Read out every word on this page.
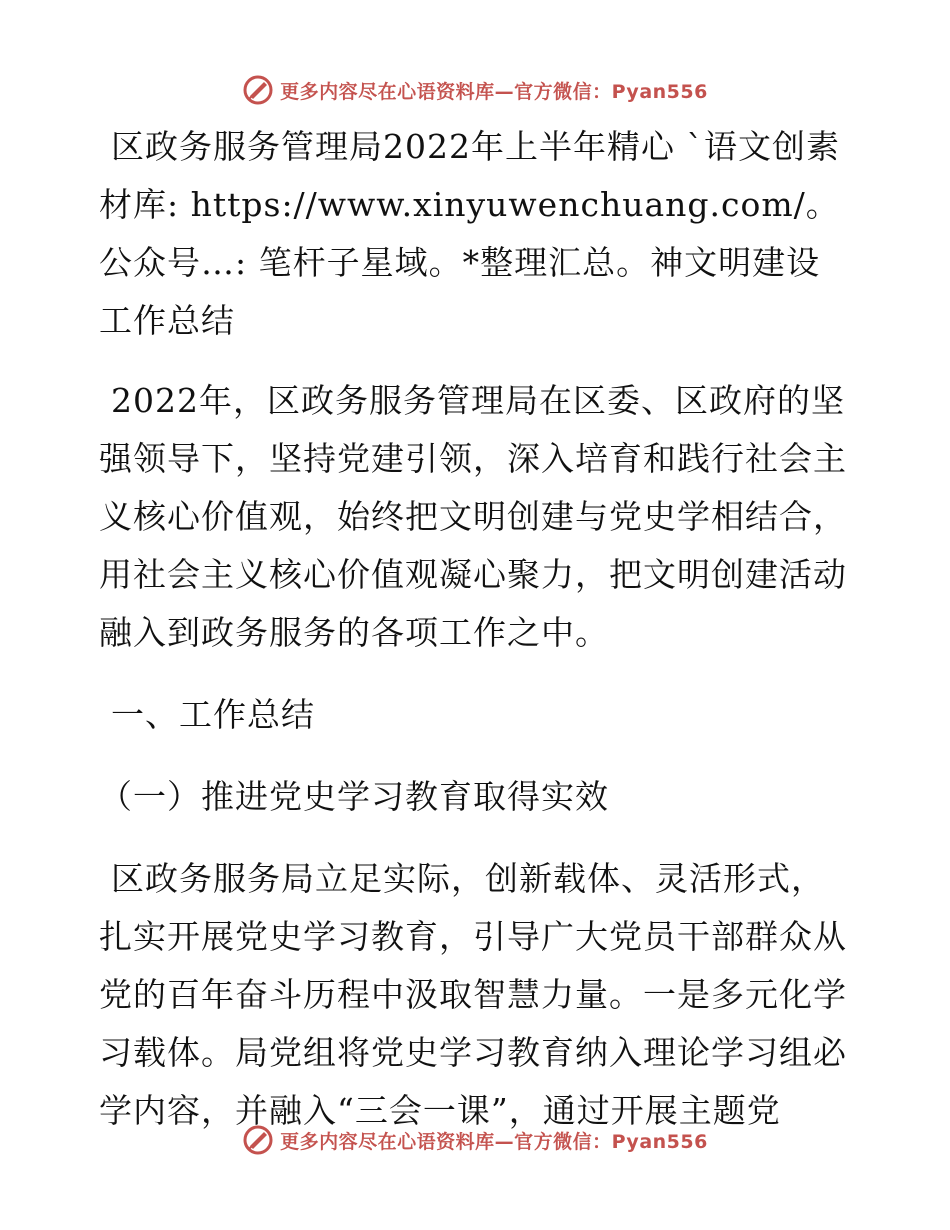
更多内容尽在心语资料库—官方微信：Pyan556

区政务服务管理局2022年上半年精心 `语文创素材库: https://www.xinyuwenchuang.com/。公众号…: 笔杆子星域。*整理汇总。神文明建设工作总结

2022年，区政务服务管理局在区委、区政府的坚强领导下，坚持党建引领，深入培育和践行社会主义核心价值观，始终把文明创建与党史学相结合，用社会主义核心价值观凝心聚力，把文明创建活动融入到政务服务的各项工作之中。

一、工作总结

（一）推进党史学习教育取得实效

区政务服务局立足实际，创新载体、灵活形式，扎实开展党史学习教育，引导广大党员干部群众从党的百年奋斗历程中汲取智慧力量。一是多元化学习载体。局党组将党史学习教育纳入理论学习组必学内容，并融入“三会一课”，通过开展主题党

更多内容尽在心语资料库—官方微信：Pyan556
